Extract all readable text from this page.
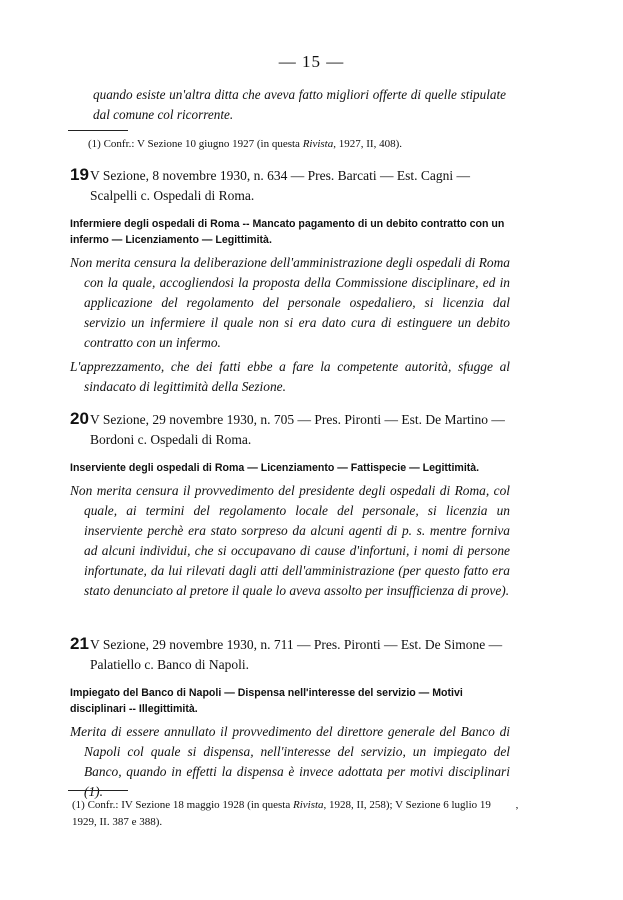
— 15 —
quando esiste un'altra ditta che aveva fatto migliori offerte di quelle stipulate dal comune col ricorrente.
(1) Confr.: V Sezione 10 giugno 1927 (in questa Rivista, 1927, II, 408).
19 V Sezione, 8 novembre 1930, n. 634 — Pres. Barcati — Est. Cagni — Scalpelli c. Ospedali di Roma.
Infermiere degli ospedali di Roma -- Mancato pagamento di un debito contratto con un infermo — Licenziamento — Legittimità.

Non merita censura la deliberazione dell'amministrazione degli ospedali di Roma con la quale, accogliendosi la proposta della Commissione disciplinare, ed in applicazione del regolamento del personale ospedaliero, si licenzia dal servizio un infermiere il quale non si era dato cura di estinguere un debito contratto con un infermo.

L'apprezzamento, che dei fatti ebbe a fare la competente autorità, sfugge al sindacato di legittimità della Sezione.

20 V Sezione, 29 novembre 1930, n. 705 — Pres. Pironti — Est. De Martino — Bordoni c. Ospedali di Roma.
Inserviente degli ospedali di Roma — Licenziamento — Fattispecie — Legittimità.

Non merita censura il provvedimento del presidente degli ospedali di Roma, col quale, ai termini del regolamento locale del personale, si licenzia un inserviente perchè era stato sorpreso da alcuni agenti di p. s. mentre forniva ad alcuni individui, che si occupavano di cause d'infortuni, i nomi di persone infortunate, da lui rilevati dagli atti dell'amministrazione (per questo fatto era stato denunciato al pretore il quale lo aveva assolto per insufficienza di prove).

21 V Sezione, 29 novembre 1930, n. 711 — Pres. Pironti — Est. De Simone — Palatiello c. Banco di Napoli.
Impiegato del Banco di Napoli — Dispensa nell'interesse del servizio — Motivi disciplinari -- Illegittimità.

Merita di essere annullato il provvedimento del direttore generale del Banco di Napoli col quale si dispensa, nell'interesse del servizio, un impiegato del Banco, quando in effetti la dispensa è invece adottata per motivi disciplinari (1).

(1) Confr.: IV Sezione 18 maggio 1928 (in questa Rivista, 1928, II, 258); V Sezione 6 luglio 19 , 1929, II. 387 e 388).
